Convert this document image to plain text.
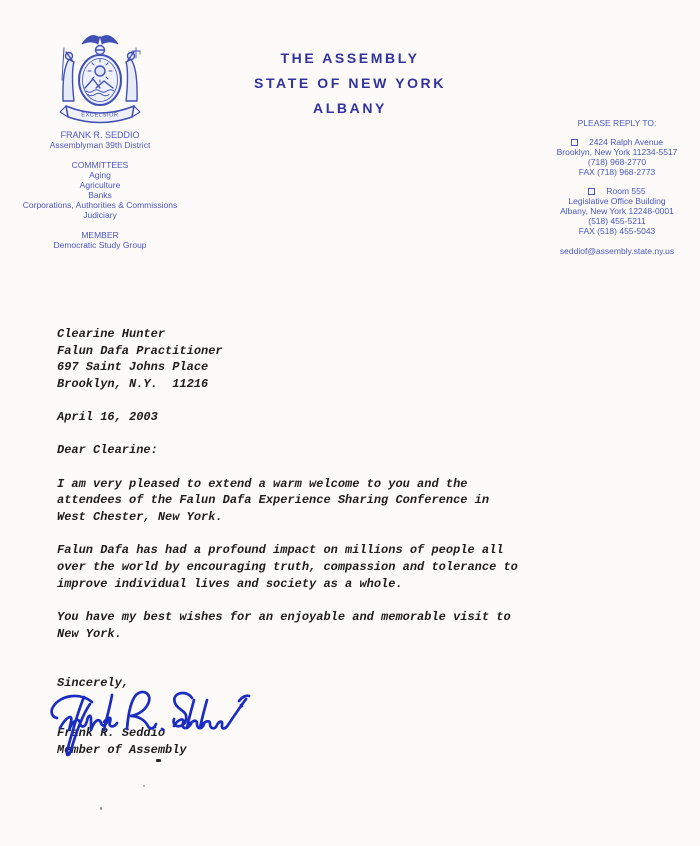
THE ASSEMBLY
STATE OF NEW YORK
ALBANY
EXCELSIOR
FRANK R. SEDDIO
Assemblyman 39th District
COMMITTEES
Aging
Agriculture
Banks
Corporations, Authorities & Commissions
Judiciary
MEMBER
Democratic Study Group
PLEASE REPLY TO:
2424 Ralph Avenue
Brooklyn, New York 11234-5517
(718) 968-2770
FAX (718) 968-2773
Room 555
Legislative Office Building
Albany, New York 12248-0001
(518) 455-5211
FAX (518) 455-5043
seddiof@assembly.state.ny.us
Clearine Hunter
Falun Dafa Practitioner
697 Saint Johns Place
Brooklyn, N.Y.  11216
April 16, 2003
Dear Clearine:
I am very pleased to extend a warm welcome to you and the
attendees of the Falun Dafa Experience Sharing Conference in
West Chester, New York.
Falun Dafa has had a profound impact on millions of people all
over the world by encouraging truth, compassion and tolerance to
improve individual lives and society as a whole.
You have my best wishes for an enjoyable and memorable visit to
New York.
Sincerely,
Frank R. Seddio
Member of Assembly
